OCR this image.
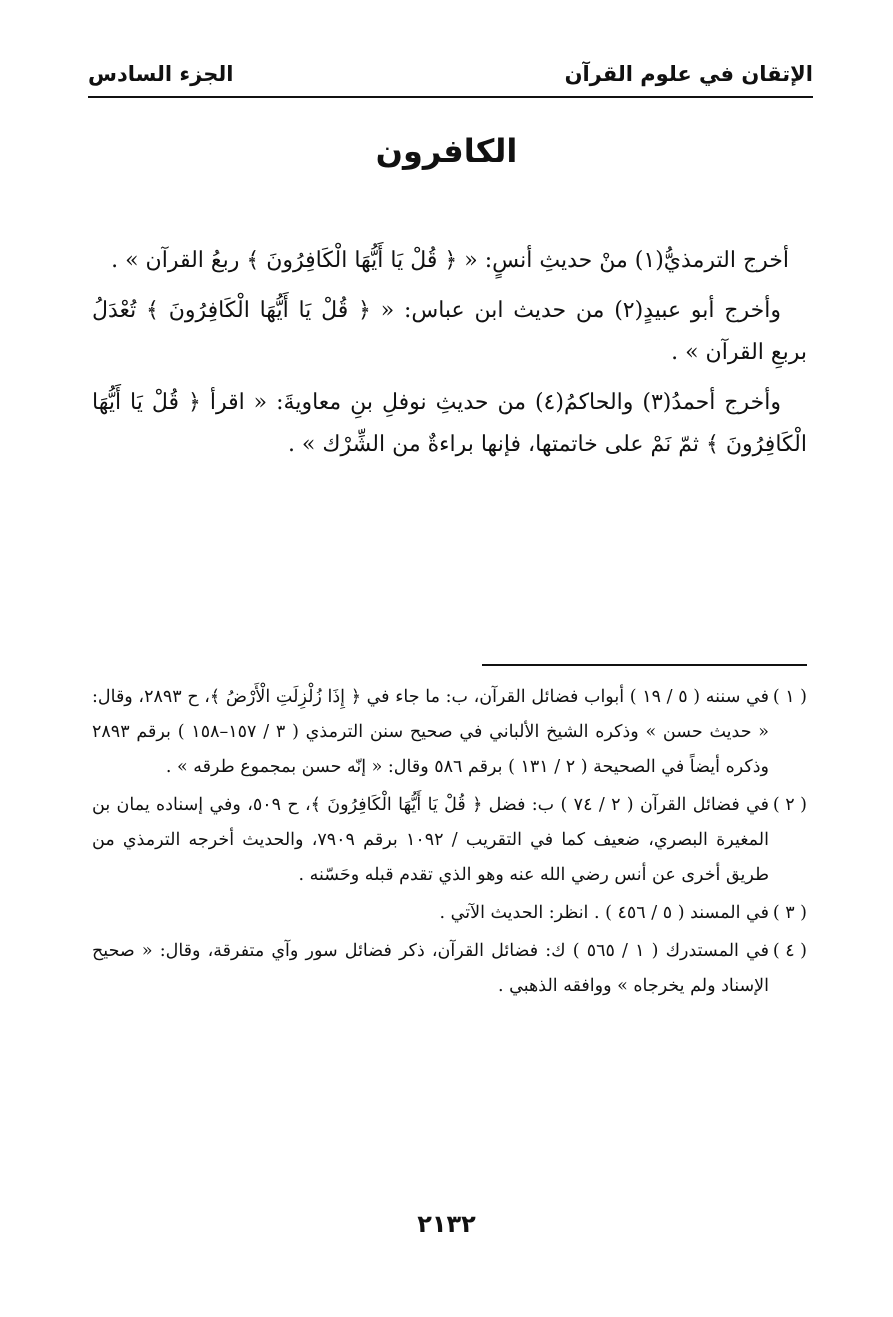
الإتقان في علوم القرآن
الجزء السادس
الكافرون

أخرج الترمذيُّ(١) منْ حديثِ أنسٍ: « ﴿ قُلْ يَا أَيُّهَا الْكَافِرُونَ ﴾ ربعُ القرآن » .

وأخرج أبو عبيدٍ(٢) من حديث ابن عباس: « ﴿ قُلْ يَا أَيُّهَا الْكَافِرُونَ ﴾ تُعْدَلُ بربعِ القرآن » .

وأخرج أحمدُ(٣) والحاكمُ(٤) من حديثِ نوفلِ بنِ معاويةَ: « اقرأ ﴿ قُلْ يَا أَيُّهَا الْكَافِرُونَ ﴾ ثمّ نَمْ على خاتمتها، فإنها براءةٌ من الشِّرْك » .

( ١ )
في سننه ( ٥ / ١٩ ) أبواب فضائل القرآن، ب: ما جاء في ﴿ إِذَا زُلْزِلَتِ الْأَرْضُ ﴾، ح ٢٨٩٣، وقال: « حديث حسن » وذكره الشيخ الألباني في صحيح سنن الترمذي ( ٣ / ١٥٧–١٥٨ ) برقم ٢٨٩٣ وذكره أيضاً في الصحيحة ( ٢ / ١٣١ ) برقم ٥٨٦ وقال: « إنّه حسن بمجموع طرقه » .
( ٢ )
في فضائل القرآن ( ٢ / ٧٤ ) ب: فضل ﴿ قُلْ يَا أَيُّهَا الْكَافِرُونَ ﴾، ح ٥٠٩، وفي إسناده يمان بن المغيرة البصري، ضعيف كما في التقريب / ١٠٩٢ برقم ٧٩٠٩، والحديث أخرجه الترمذي من طريق أخرى عن أنس رضي الله عنه وهو الذي تقدم قبله وحَسّنه .
( ٣ )
في المسند ( ٥ / ٤٥٦ ) . انظر: الحديث الآتي .
( ٤ )
في المستدرك ( ١ / ٥٦٥ ) ك: فضائل القرآن، ذكر فضائل سور وآي متفرقة، وقال: « صحيح الإسناد ولم يخرجاه » ووافقه الذهبي .
٢١٣٢
